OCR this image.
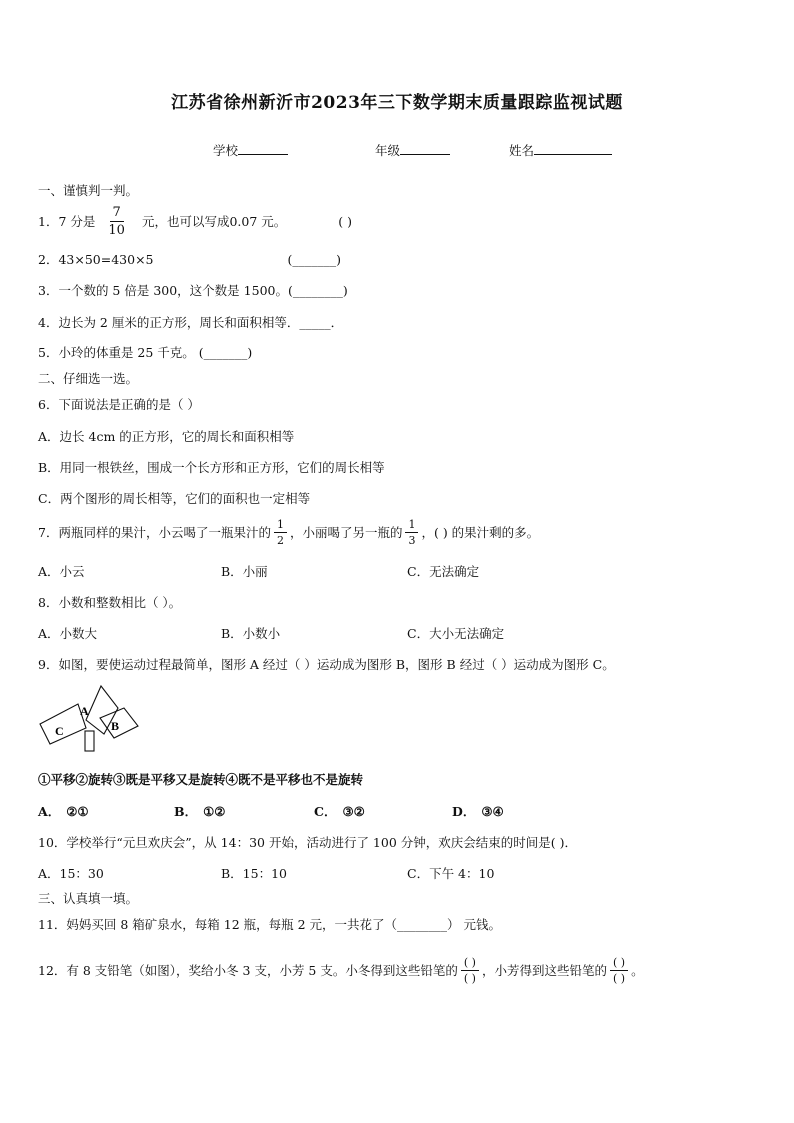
江苏省徐州新沂市2023年三下数学期末质量跟踪监视试题
学校	年级	姓名
一、谨慎判一判。
1． 7 分是 $\frac{7}{10}$ 元，也可以写成0.07 元。	( )
2．43×50=430×5	(_______)
3．一个数的 5 倍是 300，这个数是 1500。(________)
4．边长为 2 厘米的正方形，周长和面积相等．_____．
5．小玲的体重是 25 千克。 (_______)
二、仔细选一选。
6．下面说法是正确的是（ ）
A．边长 4cm 的正方形，它的周长和面积相等
B．用同一根铁丝，围成一个长方形和正方形，它们的周长相等
C．两个图形的周长相等，它们的面积也一定相等
7．两瓶同样的果汁，小云喝了一瓶果汁的 $\frac{1}{2}$ ，小丽喝了另一瓶的 $\frac{1}{3}$ ，( ) 的果汁剩的多。
A．小云	B．小丽	C．无法确定
8．小数和整数相比（ ）。
A．小数大	B．小数小	C．大小无法确定
9．如图，要使运动过程最简单，图形 A 经过（ ）运动成为图形 B，图形 B 经过（ ）运动成为图形 C。
A
B
C
①平移②旋转③既是平移又是旋转④既不是平移也不是旋转
A． ②①	B． ①②	C． ③②	D． ③④
10．学校举行“元旦欢庆会”，从 14：30 开始，活动进行了 100 分钟，欢庆会结束的时间是( )．
A．15：30	B．15：10	C．下午 4：10
三、认真填一填。
11．妈妈买回 8 箱矿泉水，每箱 12 瓶，每瓶 2 元，一共花了（________） 元钱。
12．有 8 支铅笔（如图），奖给小冬 3 支，小芳 5 支。小冬得到这些铅笔的 $\frac{( )}{( )}$ ，小芳得到这些铅笔的 $\frac{( )}{( )}$ 。
